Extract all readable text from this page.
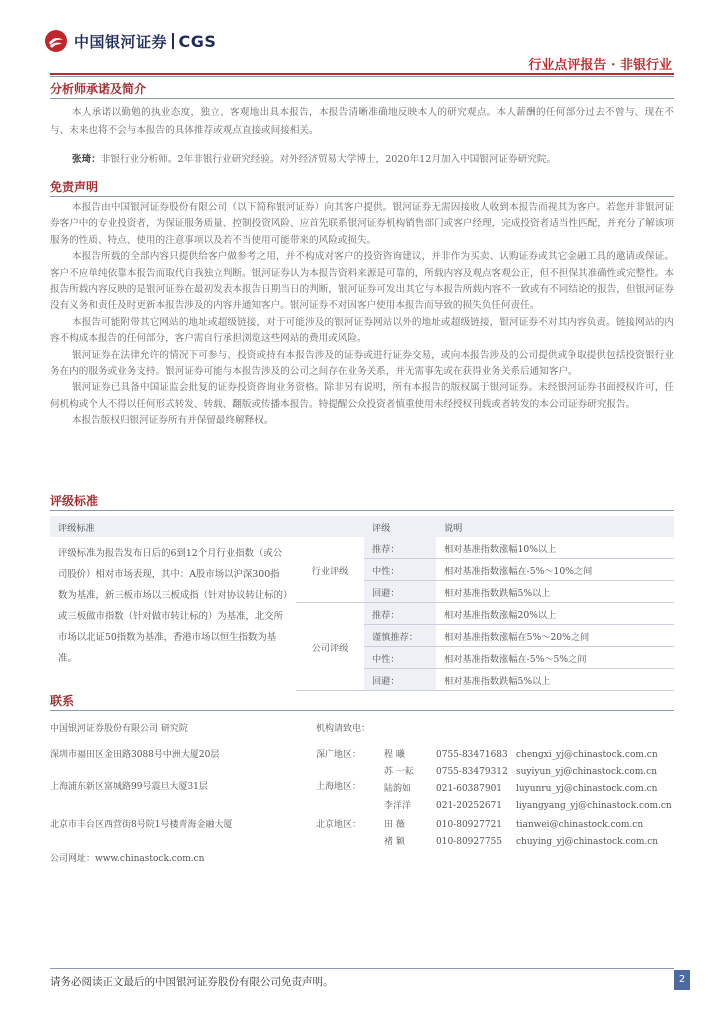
中国银河证券 CGS
行业点评报告 · 非银行业
分析师承诺及简介

本人承诺以勤勉的执业态度，独立、客观地出具本报告，本报告清晰准确地反映本人的研究观点。本人薪酬的任何部分过去不曾与、现在不与、未来也将不会与本报告的具体推荐或观点直接或间接相关。

张琦：非银行业分析师。2年非银行业研究经验。对外经济贸易大学博士，2020年12月加入中国银河证券研究院。

免责声明

本报告由中国银河证券股份有限公司（以下简称银河证券）向其客户提供。银河证券无需因接收人收到本报告而视其为客户。若您并非银河证券客户中的专业投资者，为保证服务质量、控制投资风险、应首先联系银河证券机构销售部门或客户经理，完成投资者适当性匹配，并充分了解该项服务的性质、特点、使用的注意事项以及若不当使用可能带来的风险或损失。

本报告所载的全部内容只提供给客户做参考之用，并不构成对客户的投资咨询建议，并非作为买卖、认购证券或其它金融工具的邀请或保证。客户不应单纯依靠本报告而取代自我独立判断。银河证券认为本报告资料来源是可靠的，所载内容及观点客观公正，但不担保其准确性或完整性。本报告所载内容反映的是银河证券在最初发表本报告日期当日的判断，银河证券可发出其它与本报告所载内容不一致或有不同结论的报告，但银河证券没有义务和责任及时更新本报告涉及的内容并通知客户。银河证券不对因客户使用本报告而导致的损失负任何责任。

本报告可能附带其它网站的地址或超级链接，对于可能涉及的银河证券网站以外的地址或超级链接，银河证券不对其内容负责。链接网站的内容不构成本报告的任何部分，客户需自行承担浏览这些网站的费用或风险。

银河证券在法律允许的情况下可参与、投资或持有本报告涉及的证券或进行证券交易，或向本报告涉及的公司提供或争取提供包括投资银行业务在内的服务或业务支持。银河证券可能与本报告涉及的公司之间存在业务关系，并无需事先或在获得业务关系后通知客户。

银河证券已具备中国证监会批复的证券投资咨询业务资格。除非另有说明，所有本报告的版权属于银河证券。未经银河证券书面授权许可，任何机构或个人不得以任何形式转发、转载、翻版或传播本报告。特提醒公众投资者慎重使用未经授权刊载或者转发的本公司证券研究报告。

本报告版权归银河证券所有并保留最终解释权。

评级标准
评级标准		评级	说明
评级标准为报告发布日后的6到12个月行业指数（或公司股价）相对市场表现，其中：A股市场以沪深300指数为基准，新三板市场以三板成指（针对协议转让标的）或三板做市指数（针对做市转让标的）为基准，北交所市场以北证50指数为基准，香港市场以恒生指数为基准。	行业评级	推荐：	相对基准指数涨幅10%以上
		中性：	相对基准指数涨幅在-5%～10%之间
		回避：	相对基准指数跌幅5%以上
	公司评级	推荐：	相对基准指数涨幅20%以上
		谨慎推荐：	相对基准指数涨幅在5%～20%之间
		中性：	相对基准指数涨幅在-5%～5%之间
		回避：	相对基准指数跌幅5%以上
联系
中国银河证券股份有限公司 研究院	机构请致电：
深圳市福田区金田路3088号中洲大厦20层	深广地区：
上海浦东新区富城路99号震旦大厦31层	上海地区：
北京市丰台区西营街8号院1号楼青海金融大厦	北京地区：
程 曦	0755-83471683 chengxi_yj@chinastock.com.cn
苏 一耘 0755-83479312 suyiyun_yj@chinastock.com.cn
陆韵如	021-60387901 luyunru_yj@chinastock.com.cn
李洋洋	021-20252671 liyangyang_yj@chinastock.com.cn
田 薇	010-80927721 tianwei@chinastock.com.cn
褚 颖	010-80927755 chuying_yj@chinastock.com.cn
公司网址：www.chinastock.com.cn
请务必阅读正文最后的中国银河证券股份有限公司免责声明。	2
